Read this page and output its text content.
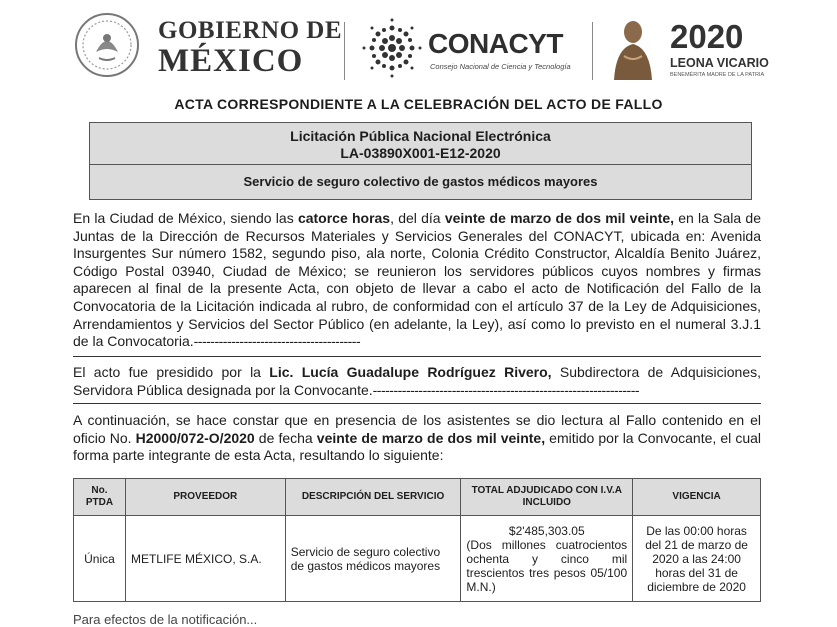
GOBIERNO DE
MÉXICO	CONACYT
Consejo Nacional de Ciencia y Tecnología
2020
LEONA VICARIO
BENEMÉRITA MADRE DE LA PATRIA
ACTA CORRESPONDIENTE A LA CELEBRACIÓN DEL ACTO DE FALLO
Licitación Pública Nacional Electrónica
LA-03890X001-E12-2020
Servicio de seguro colectivo de gastos médicos mayores
En la Ciudad de México, siendo las catorce horas, del día veinte de marzo de dos mil veinte, en la Sala de Juntas de la Dirección de Recursos Materiales y Servicios Generales del CONACYT, ubicada en: Avenida Insurgentes Sur número 1582, segundo piso, ala norte, Colonia Crédito Constructor, Alcaldía Benito Juárez, Código Postal 03940, Ciudad de México; se reunieron los servidores públicos cuyos nombres y firmas aparecen al final de la presente Acta, con objeto de llevar a cabo el acto de Notificación del Fallo de la Convocatoria de la Licitación indicada al rubro, de conformidad con el artículo 37 de la Ley de Adquisiciones, Arrendamientos y Servicios del Sector Público (en adelante, la Ley), así como lo previsto en el numeral 3.J.1 de la Convocatoria.----------------------------------------
El acto fue presidido por la Lic. Lucía Guadalupe Rodríguez Rivero, Subdirectora de Adquisiciones, Servidora Pública designada por la Convocante.----------------------------------------------------------------
A continuación, se hace constar que en presencia de los asistentes se dio lectura al Fallo contenido en el oficio No. H2000/072-O/2020 de fecha veinte de marzo de dos mil veinte, emitido por la Convocante, el cual forma parte integrante de esta Acta, resultando lo siguiente:
No. PTDA	PROVEEDOR	DESCRIPCIÓN DEL SERVICIO	TOTAL ADJUDICADO CON I.V.A INCLUIDO	VIGENCIA
Única	METLIFE MÉXICO, S.A.	Servicio de seguro colectivo de gastos médicos mayores	$2'485,303.05
(Dos millones cuatrocientos ochenta y cinco mil trescientos tres pesos 05/100 M.N.)	De las 00:00 horas del 21 de marzo de 2020 a las 24:00 horas del 31 de diciembre de 2020
Para efectos de la notificación...
